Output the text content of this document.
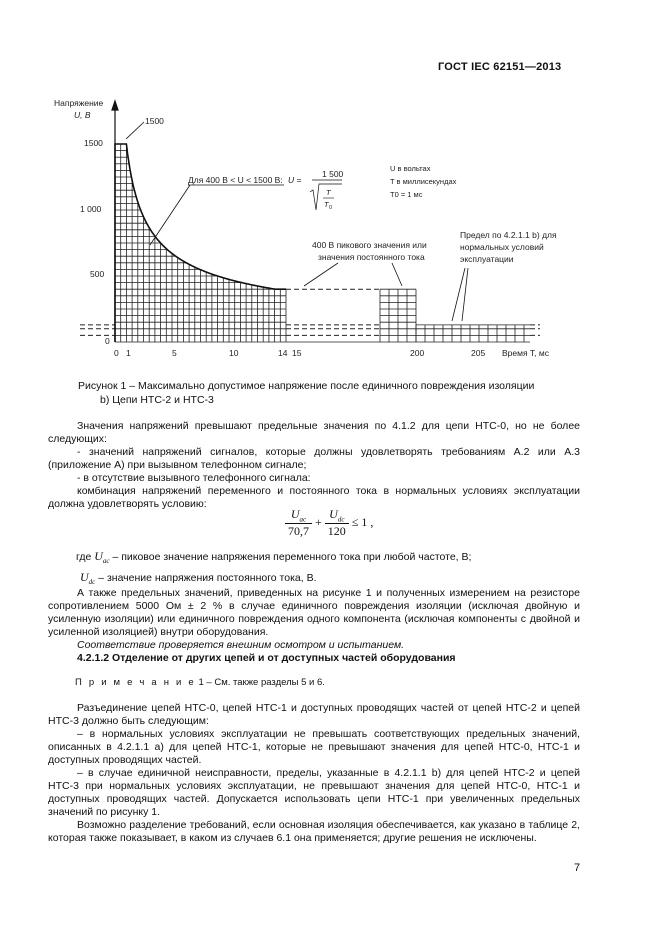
ГОСТ IEC 62151—2013
Напряжение
U, B
1500
1 000
500
0
0 1	5	10	14 15	200	205 Время T, мс
1500
Для 400 В < U < 1500 В: U =
1 500
T
T 0
U в вольтах
T в миллисекундах
T0 = 1 мс
400 В пикового значения или
значения постоянного тока
Предел по 4.2.1.1 b) для
нормальных условий
эксплуатации
Рисунок 1 – Максимально допустимое напряжение после единичного повреждения изоляции
b) Цепи НТС-2 и НТС-3
Значения напряжений превышают предельные значения по 4.1.2 для цепи НТС-0, но не более следующих:
- значений напряжений сигналов, которые должны удовлетворять требованиям А.2 или А.3 (приложение А) при вызывном телефонном сигнале;
- в отсутствие вызывного телефонного сигнала:
комбинация напряжений переменного и постоянного тока в нормальных условиях эксплуатации должна удовлетворять условию:
$\frac{U_{ac}}{70,7} + \frac{U_{dc}}{120} \le 1$ ,
где $U_{ac}$ – пиковое значение напряжения переменного тока при любой частоте, В;
$U_{dc}$ – значение напряжения постоянного тока, В.
А также предельных значений, приведенных на рисунке 1 и полученных измерением на резисторе сопротивлением 5000 Ом ± 2 % в случае единичного повреждения изоляции (исключая двойную и усиленную изоляции) или единичного повреждения одного компонента (исключая компоненты с двойной и усиленной изоляцией) внутри оборудования.
Соответствие проверяется внешним осмотром и испытанием.
4.2.1.2 Отделение от других цепей и от доступных частей оборудования
П р и м е ч а н и е 1 – См. также разделы 5 и 6.
Разъединение цепей НТС-0, цепей НТС-1 и доступных проводящих частей от цепей НТС-2 и цепей НТС-3 должно быть следующим:
– в нормальных условиях эксплуатации не превышать соответствующих предельных значений, описанных в 4.2.1.1 а) для цепей НТС-1, которые не превышают значения для цепей НТС-0, НТС-1 и доступных проводящих частей.
– в случае единичной неисправности, пределы, указанные в 4.2.1.1 b) для цепей НТС-2 и цепей НТС-3 при нормальных условиях эксплуатации, не превышают значения для цепей НТС-0, НТС-1 и доступных проводящих частей. Допускается использовать цепи НТС-1 при увеличенных предельных значений по рисунку 1.
Возможно разделение требований, если основная изоляция обеспечивается, как указано в таблице 2, которая также показывает, в каком из случаев 6.1 она применяется; другие решения не исключены.
7
